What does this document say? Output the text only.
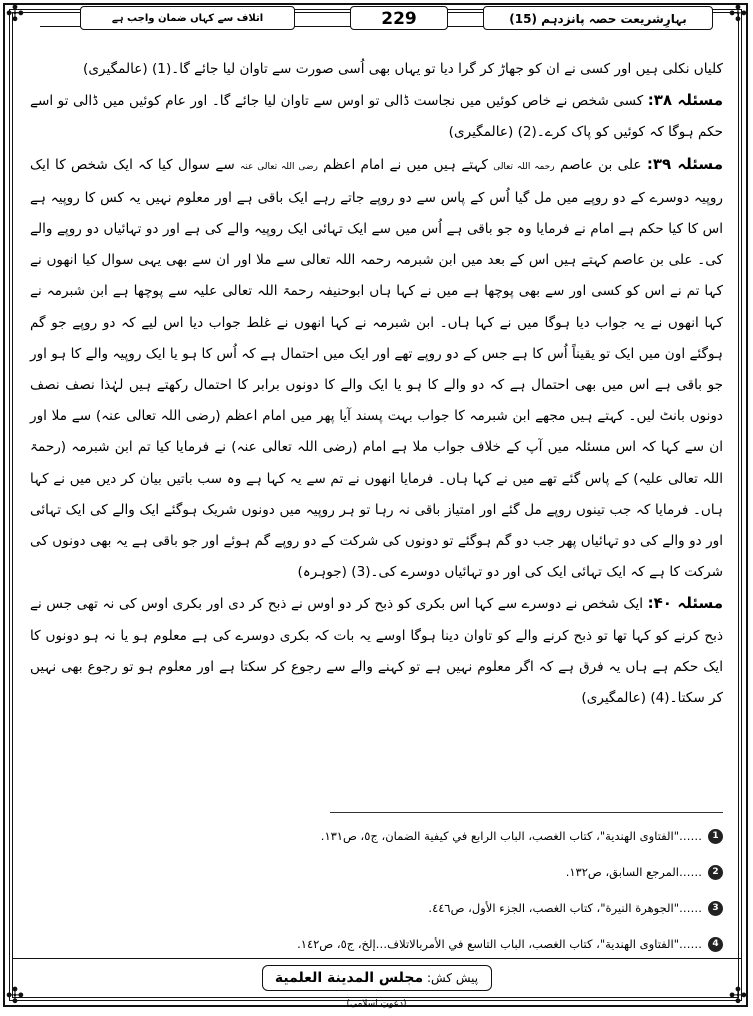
✣	✣
✣	✣
بہارِشریعت حصہ پانزدہم (15)
229
اتلاف سے کہاں ضمان واجب ہے

کلیاں نکلی ہیں اور کسی نے ان کو جھاڑ کر گرا دیا تو یہاں بھی اُسی صورت سے تاوان لیا جائے گا۔(1) (عالمگیری)

مسئلہ ۳۸: کسی شخص نے خاص کوئیں میں نجاست ڈالی تو اوس سے تاوان لیا جائے گا۔ اور عام کوئیں میں ڈالی تو اسے حکم ہوگا کہ کوئیں کو پاک کرے۔(2) (عالمگیری)

مسئلہ ۳۹: علی بن عاصم رحمہ اللہ تعالی کہتے ہیں میں نے امام اعظم رضی اللہ تعالی عنہ سے سوال کیا کہ ایک شخص کا ایک روپیہ دوسرے کے دو روپے میں مل گیا اُس کے پاس سے دو روپے جاتے رہے ایک باقی ہے اور معلوم نہیں یہ کس کا روپیہ ہے اس کا کیا حکم ہے امام نے فرمایا وہ جو باقی ہے اُس میں سے ایک تہائی ایک روپیہ والے کی ہے اور دو تہائیاں دو روپے والے کی۔ علی بن عاصم کہتے ہیں اس کے بعد میں ابن شبرمہ رحمہ اللہ تعالی سے ملا اور ان سے بھی یہی سوال کیا انھوں نے کہا تم نے اس کو کسی اور سے بھی پوچھا ہے میں نے کہا ہاں ابوحنیفہ رحمۃ اللہ تعالی علیہ سے پوچھا ہے ابن شبرمہ نے کہا انھوں نے یہ جواب دیا ہوگا میں نے کہا ہاں۔ ابن شبرمہ نے کہا انھوں نے غلط جواب دیا اس لیے کہ دو روپے جو گم ہوگئے اون میں ایک تو یقیناً اُس کا ہے جس کے دو روپے تھے اور ایک میں احتمال ہے کہ اُس کا ہو یا ایک روپیہ والے کا ہو اور جو باقی ہے اس میں بھی احتمال ہے کہ دو والے کا ہو یا ایک والے کا دونوں برابر کا احتمال رکھتے ہیں لہٰذا نصف نصف دونوں بانٹ لیں۔ کہتے ہیں مجھے ابن شبرمہ کا جواب بہت پسند آیا پھر میں امام اعظم (رضی اللہ تعالی عنہ) سے ملا اور ان سے کہا کہ اس مسئلہ میں آپ کے خلاف جواب ملا ہے امام (رضی اللہ تعالی عنہ) نے فرمایا کیا تم ابن شبرمہ (رحمۃ اللہ تعالی علیہ) کے پاس گئے تھے میں نے کہا ہاں۔ فرمایا انھوں نے تم سے یہ کہا ہے وہ سب باتیں بیان کر دیں میں نے کہا ہاں۔ فرمایا کہ جب تینوں روپے مل گئے اور امتیاز باقی نہ رہا تو ہر روپیہ میں دونوں شریک ہوگئے ایک والے کی ایک تہائی اور دو والے کی دو تہائیاں پھر جب دو گم ہوگئے تو دونوں کی شرکت کے دو روپے گم ہوئے اور جو باقی ہے یہ بھی دونوں کی شرکت کا ہے کہ ایک تہائی ایک کی اور دو تہائیاں دوسرے کی۔(3) (جوہرہ)

مسئلہ ۴۰: ایک شخص نے دوسرے سے کہا اس بکری کو ذبح کر دو اوس نے ذبح کر دی اور بکری اوس کی نہ تھی جس نے ذبح کرنے کو کہا تھا تو ذبح کرنے والے کو تاوان دینا ہوگا اوسے یہ بات کہ بکری دوسرے کی ہے معلوم ہو یا نہ ہو دونوں کا ایک حکم ہے ہاں یہ فرق ہے کہ اگر معلوم نہیں ہے تو کہنے والے سے رجوع کر سکتا ہے اور معلوم ہو تو رجوع بھی نہیں کر سکتا۔(4) (عالمگیری)

1
……"الفتاوى الهندية"، كتاب الغصب، الباب الرابع في كيفية الضمان، ج٥، ص١٣١.
2
……المرجع السابق، ص١٣٢.
3
……"الجوهرة النيرة"، كتاب الغصب، الجزء الأول، ص٤٤٦.
4
……"الفتاوى الهندية"، كتاب الغصب، الباب التاسع في الأمربالاتلاف…إلخ، ج٥، ص١٤٢.
پیش کش: مجلس المدينة العلمية (دعوتِ اسلامی)
